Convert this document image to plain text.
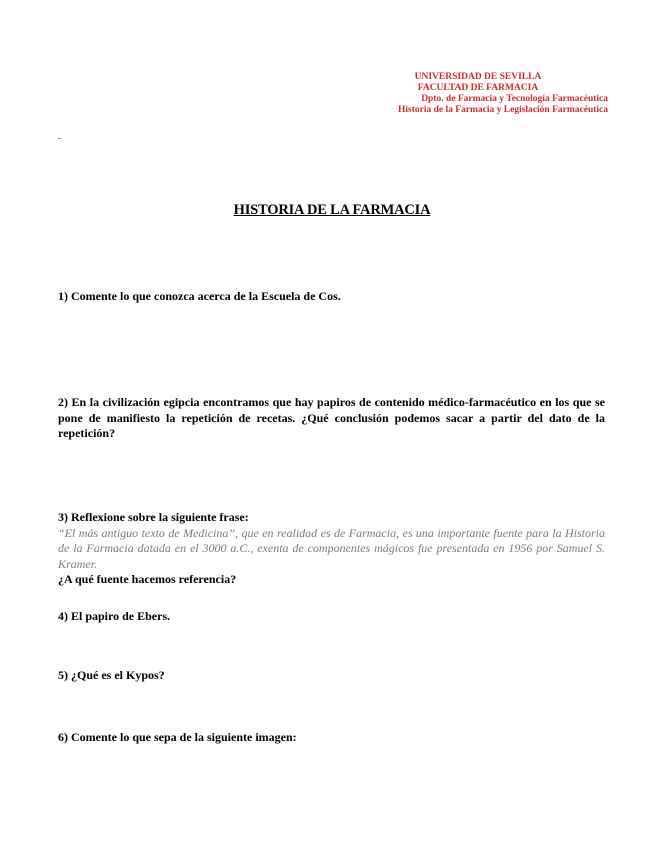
UNIVERSIDAD DE SEVILLA
FACULTAD DE FARMACIA
Dpto. de Farmacia y Tecnología Farmacéutica
Historia de la Farmacia y Legislación Farmacéutica
HISTORIA DE LA FARMACIA
1) Comente lo que conozca acerca de la Escuela de Cos.
2) En la civilización egipcia encontramos que hay papiros de contenido médico-farmacéutico en los que se pone de manifiesto la repetición de recetas. ¿Qué conclusión podemos sacar a partir del dato de la repetición?
3) Reflexione sobre la siguiente frase:
“El más antiguo texto de Medicina”, que en realidad es de Farmacia, es una importante fuente para la Historia de la Farmacia datada en el 3000 a.C., exenta de componentes mágicos fue presentada en 1956 por Samuel S. Kramer.
¿A qué fuente hacemos referencia?
4) El papiro de Ebers.
5) ¿Qué es el Kypos?
6) Comente lo que sepa de la siguiente imagen:
